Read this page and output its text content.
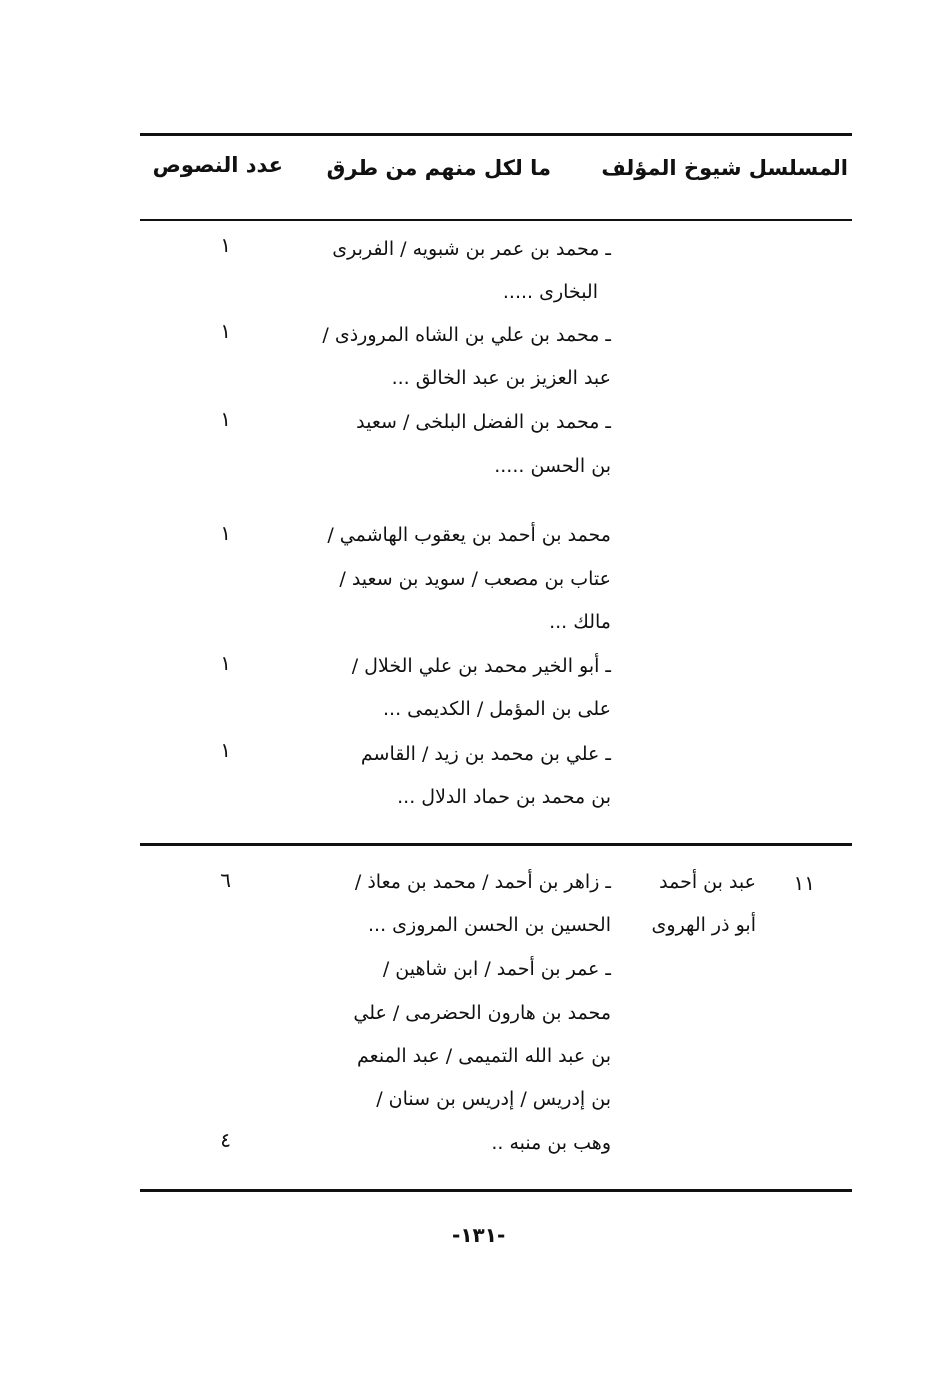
المسلسل شيوخ المؤلف
ما لكل منهم من طرق
عدد النصوص
ـ محمد بن عمر بن شبويه / الفربرى
البخارى .....
ـ محمد بن علي بن الشاه المرورذى /
عبد العزيز بن عبد الخالق ...
ـ محمد بن الفضل البلخى / سعيد
بن الحسن .....
محمد بن أحمد بن يعقوب الهاشمي /
عتاب بن مصعب / سويد بن سعيد /
مالك ...
ـ أبو الخير محمد بن علي الخلال /
على بن المؤمل / الكديمى ...
ـ علي بن محمد بن زيد / القاسم
بن محمد بن حماد الدلال ...
١
١
١
١
١
١
١١
عبد بن أحمد
أبو ذر الهروى
ـ زاهر بن أحمد / محمد بن معاذ /
الحسين بن الحسن المروزى ...
ـ عمر بن أحمد / ابن شاهين /
محمد بن هارون الحضرمى / علي
بن عبد الله التميمى / عبد المنعم
بن إدريس / إدريس بن سنان /
وهب بن منبه ..
٦
٤
-١٣١-
